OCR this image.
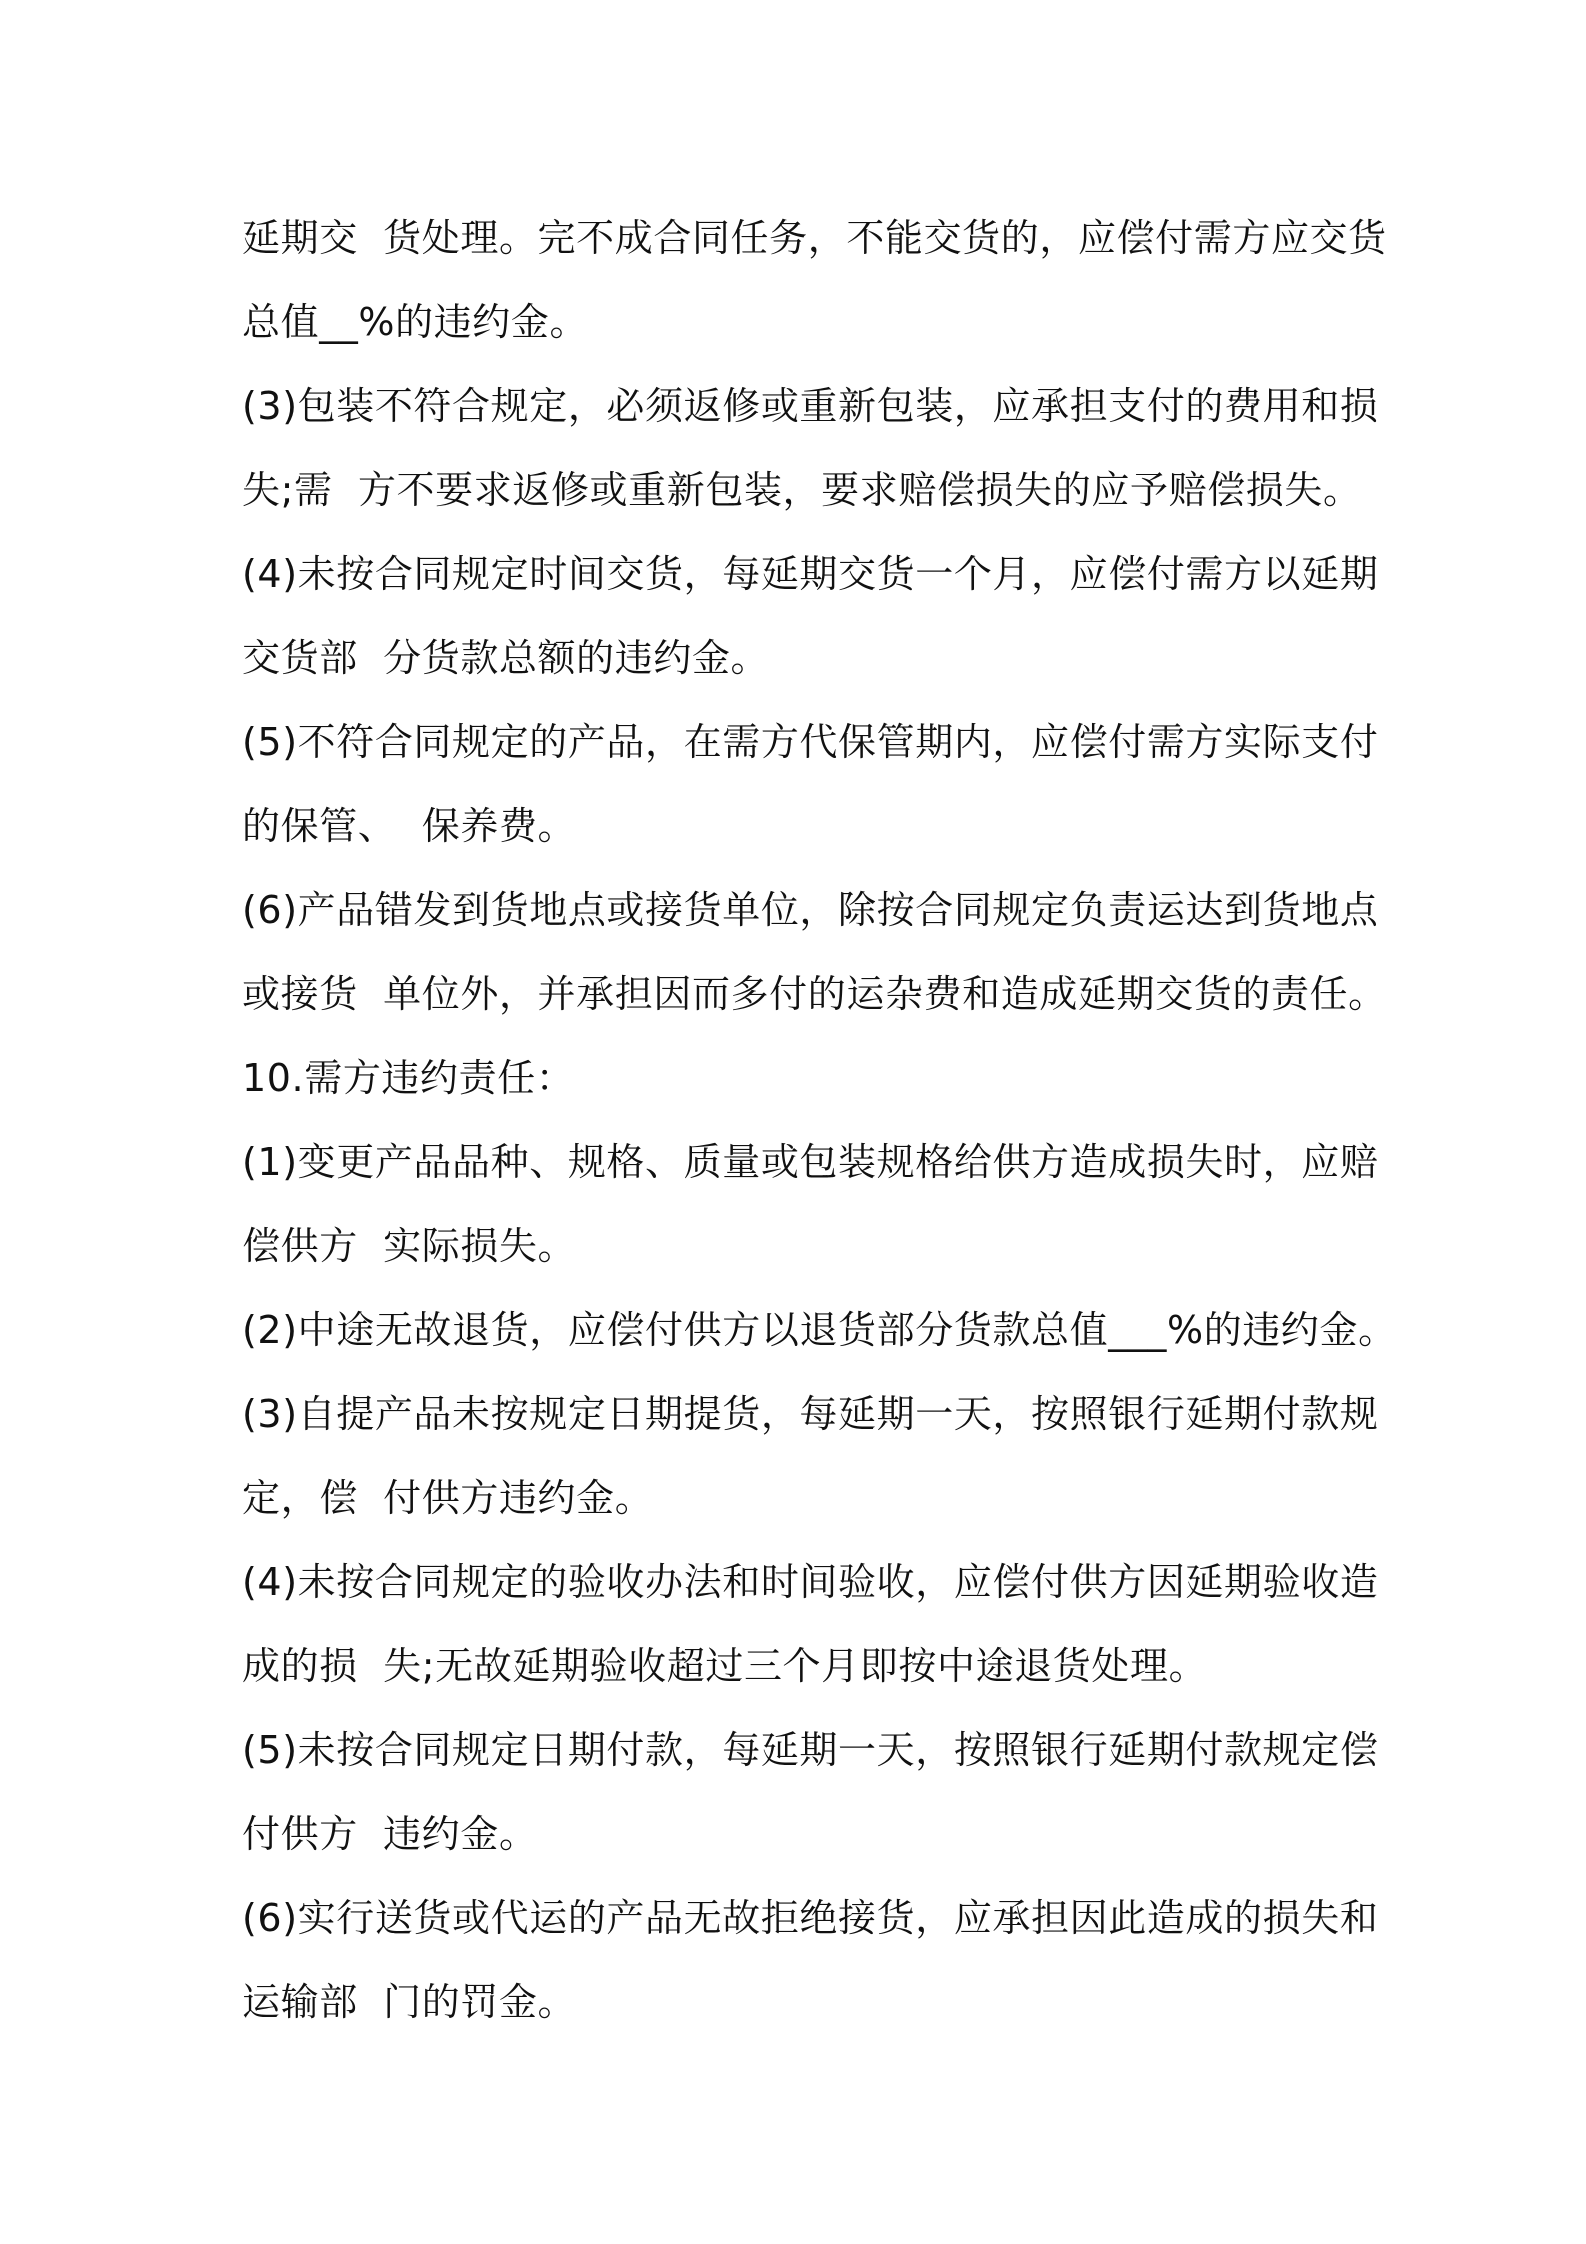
延期交  货处理。完不成合同任务，不能交货的，应偿付需方应交货
总值__%的违约金。
(3)包装不符合规定，必须返修或重新包装，应承担支付的费用和损
失;需  方不要求返修或重新包装，要求赔偿损失的应予赔偿损失。
(4)未按合同规定时间交货，每延期交货一个月，应偿付需方以延期
交货部  分货款总额的违约金。
(5)不符合同规定的产品，在需方代保管期内，应偿付需方实际支付
的保管、  保养费。
(6)产品错发到货地点或接货单位，除按合同规定负责运达到货地点
或接货  单位外，并承担因而多付的运杂费和造成延期交货的责任。
10.需方违约责任：
(1)变更产品品种、规格、质量或包装规格给供方造成损失时，应赔
偿供方  实际损失。
(2)中途无故退货，应偿付供方以退货部分货款总值___%的违约金。
(3)自提产品未按规定日期提货，每延期一天，按照银行延期付款规
定，偿  付供方违约金。
(4)未按合同规定的验收办法和时间验收，应偿付供方因延期验收造
成的损  失;无故延期验收超过三个月即按中途退货处理。
(5)未按合同规定日期付款，每延期一天，按照银行延期付款规定偿
付供方  违约金。
(6)实行送货或代运的产品无故拒绝接货，应承担因此造成的损失和
运输部  门的罚金。
